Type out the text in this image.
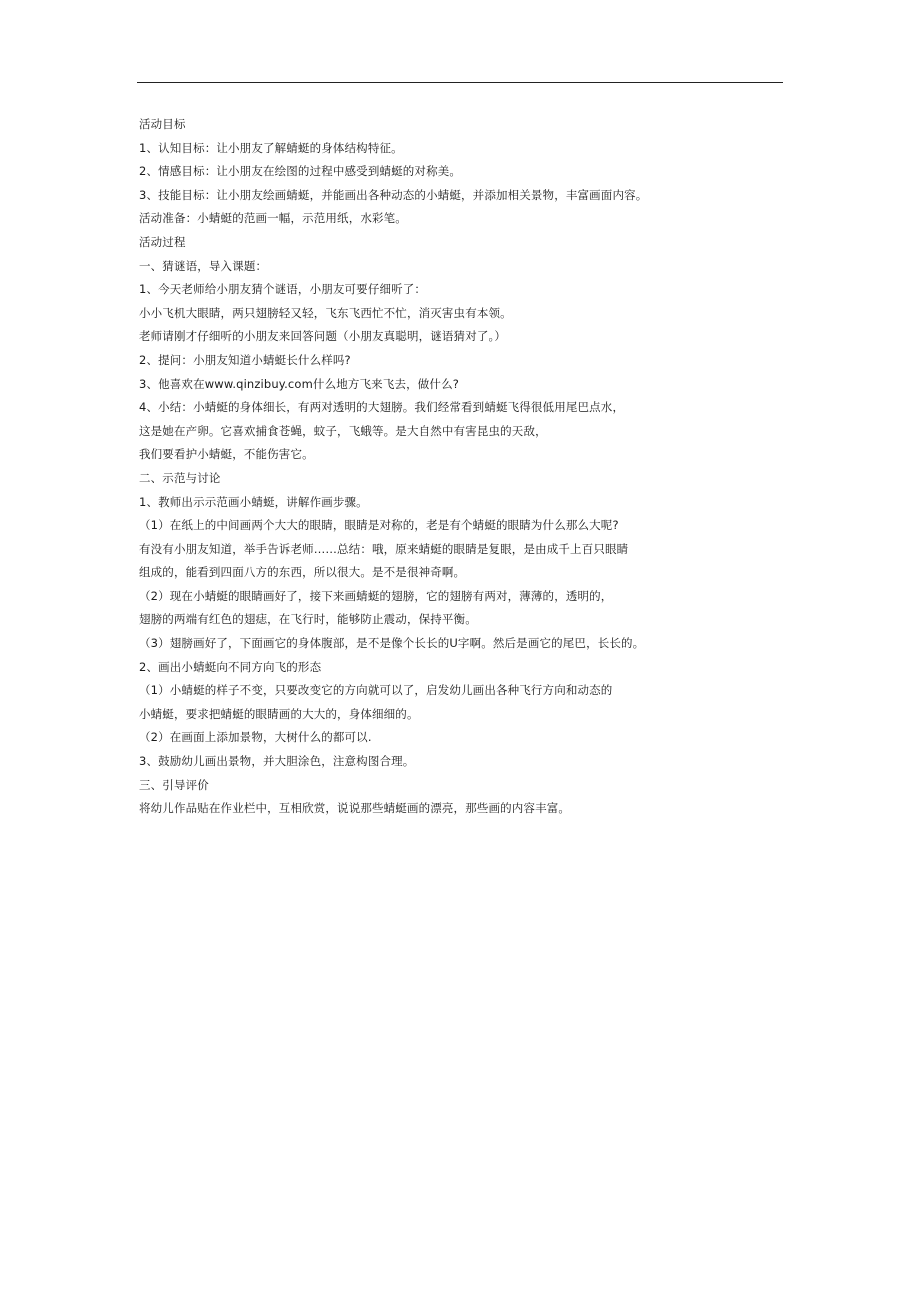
活动目标
1、认知目标：让小朋友了解蜻蜓的身体结构特征。
2、情感目标：让小朋友在绘图的过程中感受到蜻蜓的对称美。
3、技能目标：让小朋友绘画蜻蜓，并能画出各种动态的小蜻蜓，并添加相关景物，丰富画面内容。
活动准备：小蜻蜓的范画一幅，示范用纸，水彩笔。
活动过程
一、猜谜语，导入课题：
1、今天老师给小朋友猜个谜语，小朋友可要仔细听了：
小小飞机大眼睛，两只翅膀轻又轻，飞东飞西忙不忙，消灭害虫有本领。
老师请刚才仔细听的小朋友来回答问题（小朋友真聪明，谜语猜对了。）
2、提问：小朋友知道小蜻蜓长什么样吗?
3、他喜欢在www.qinzibuy.com什么地方飞来飞去，做什么?
4、小结：小蜻蜓的身体细长，有两对透明的大翅膀。我们经常看到蜻蜓飞得很低用尾巴点水，
这是她在产卵。它喜欢捕食苍蝇，蚊子，飞蛾等。是大自然中有害昆虫的天敌，
我们要看护小蜻蜓，不能伤害它。
二、示范与讨论
1、教师出示示范画小蜻蜓，讲解作画步骤。
（1）在纸上的中间画两个大大的眼睛，眼睛是对称的，老是有个蜻蜓的眼睛为什么那么大呢?
有没有小朋友知道，举手告诉老师……总结：哦，原来蜻蜓的眼睛是复眼，是由成千上百只眼睛
组成的，能看到四面八方的东西，所以很大。是不是很神奇啊。
（2）现在小蜻蜓的眼睛画好了，接下来画蜻蜓的翅膀，它的翅膀有两对，薄薄的，透明的，
翅膀的两端有红色的翅痣，在飞行时，能够防止震动，保持平衡。
（3）翅膀画好了，下面画它的身体腹部，是不是像个长长的U字啊。然后是画它的尾巴，长长的。
2、画出小蜻蜓向不同方向飞的形态
（1）小蜻蜓的样子不变，只要改变它的方向就可以了，启发幼儿画出各种飞行方向和动态的
小蜻蜓，要求把蜻蜓的眼睛画的大大的，身体细细的。
（2）在画面上添加景物，大树什么的都可以.
3、鼓励幼儿画出景物，并大胆涂色，注意构图合理。
三、引导评价
将幼儿作品贴在作业栏中，互相欣赏，说说那些蜻蜓画的漂亮，那些画的内容丰富。
